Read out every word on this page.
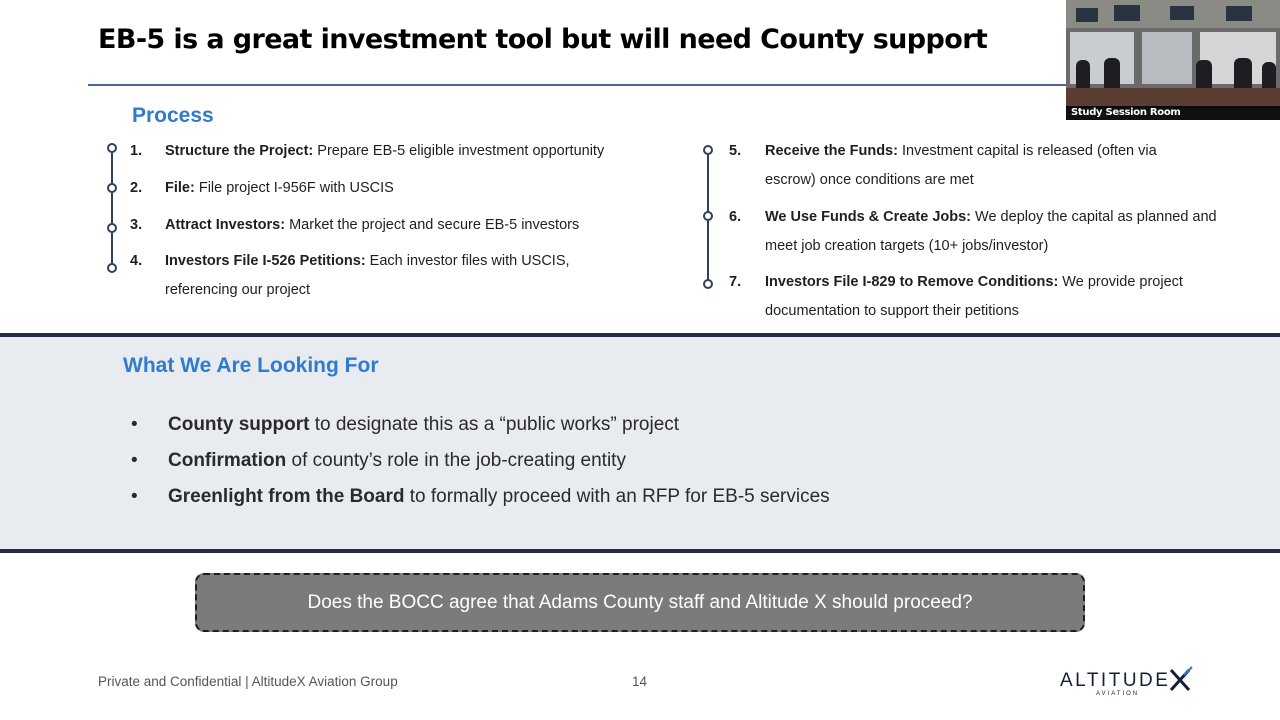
EB-5 is a great investment tool but will need County support
Study Session Room
Process
1. Structure the Project: Prepare EB-5 eligible investment opportunity
2. File: File project I-956F with USCIS
3. Attract Investors: Market the project and secure EB-5 investors
4. Investors File I-526 Petitions: Each investor files with USCIS,
referencing our project
5. Receive the Funds: Investment capital is released (often via
escrow) once conditions are met
6. We Use Funds & Create Jobs: We deploy the capital as planned and
meet job creation targets (10+ jobs/investor)
7. Investors File I-829 to Remove Conditions: We provide project
documentation to support their petitions
What We Are Looking For
• County support to designate this as a “public works” project
• Confirmation of county’s role in the job-creating entity
• Greenlight from the Board to formally proceed with an RFP for EB-5 services
Does the BOCC agree that Adams County staff and Altitude X should proceed?
Private and Confidential | AltitudeX Aviation Group	14	ALTITUDE
AVIATION
